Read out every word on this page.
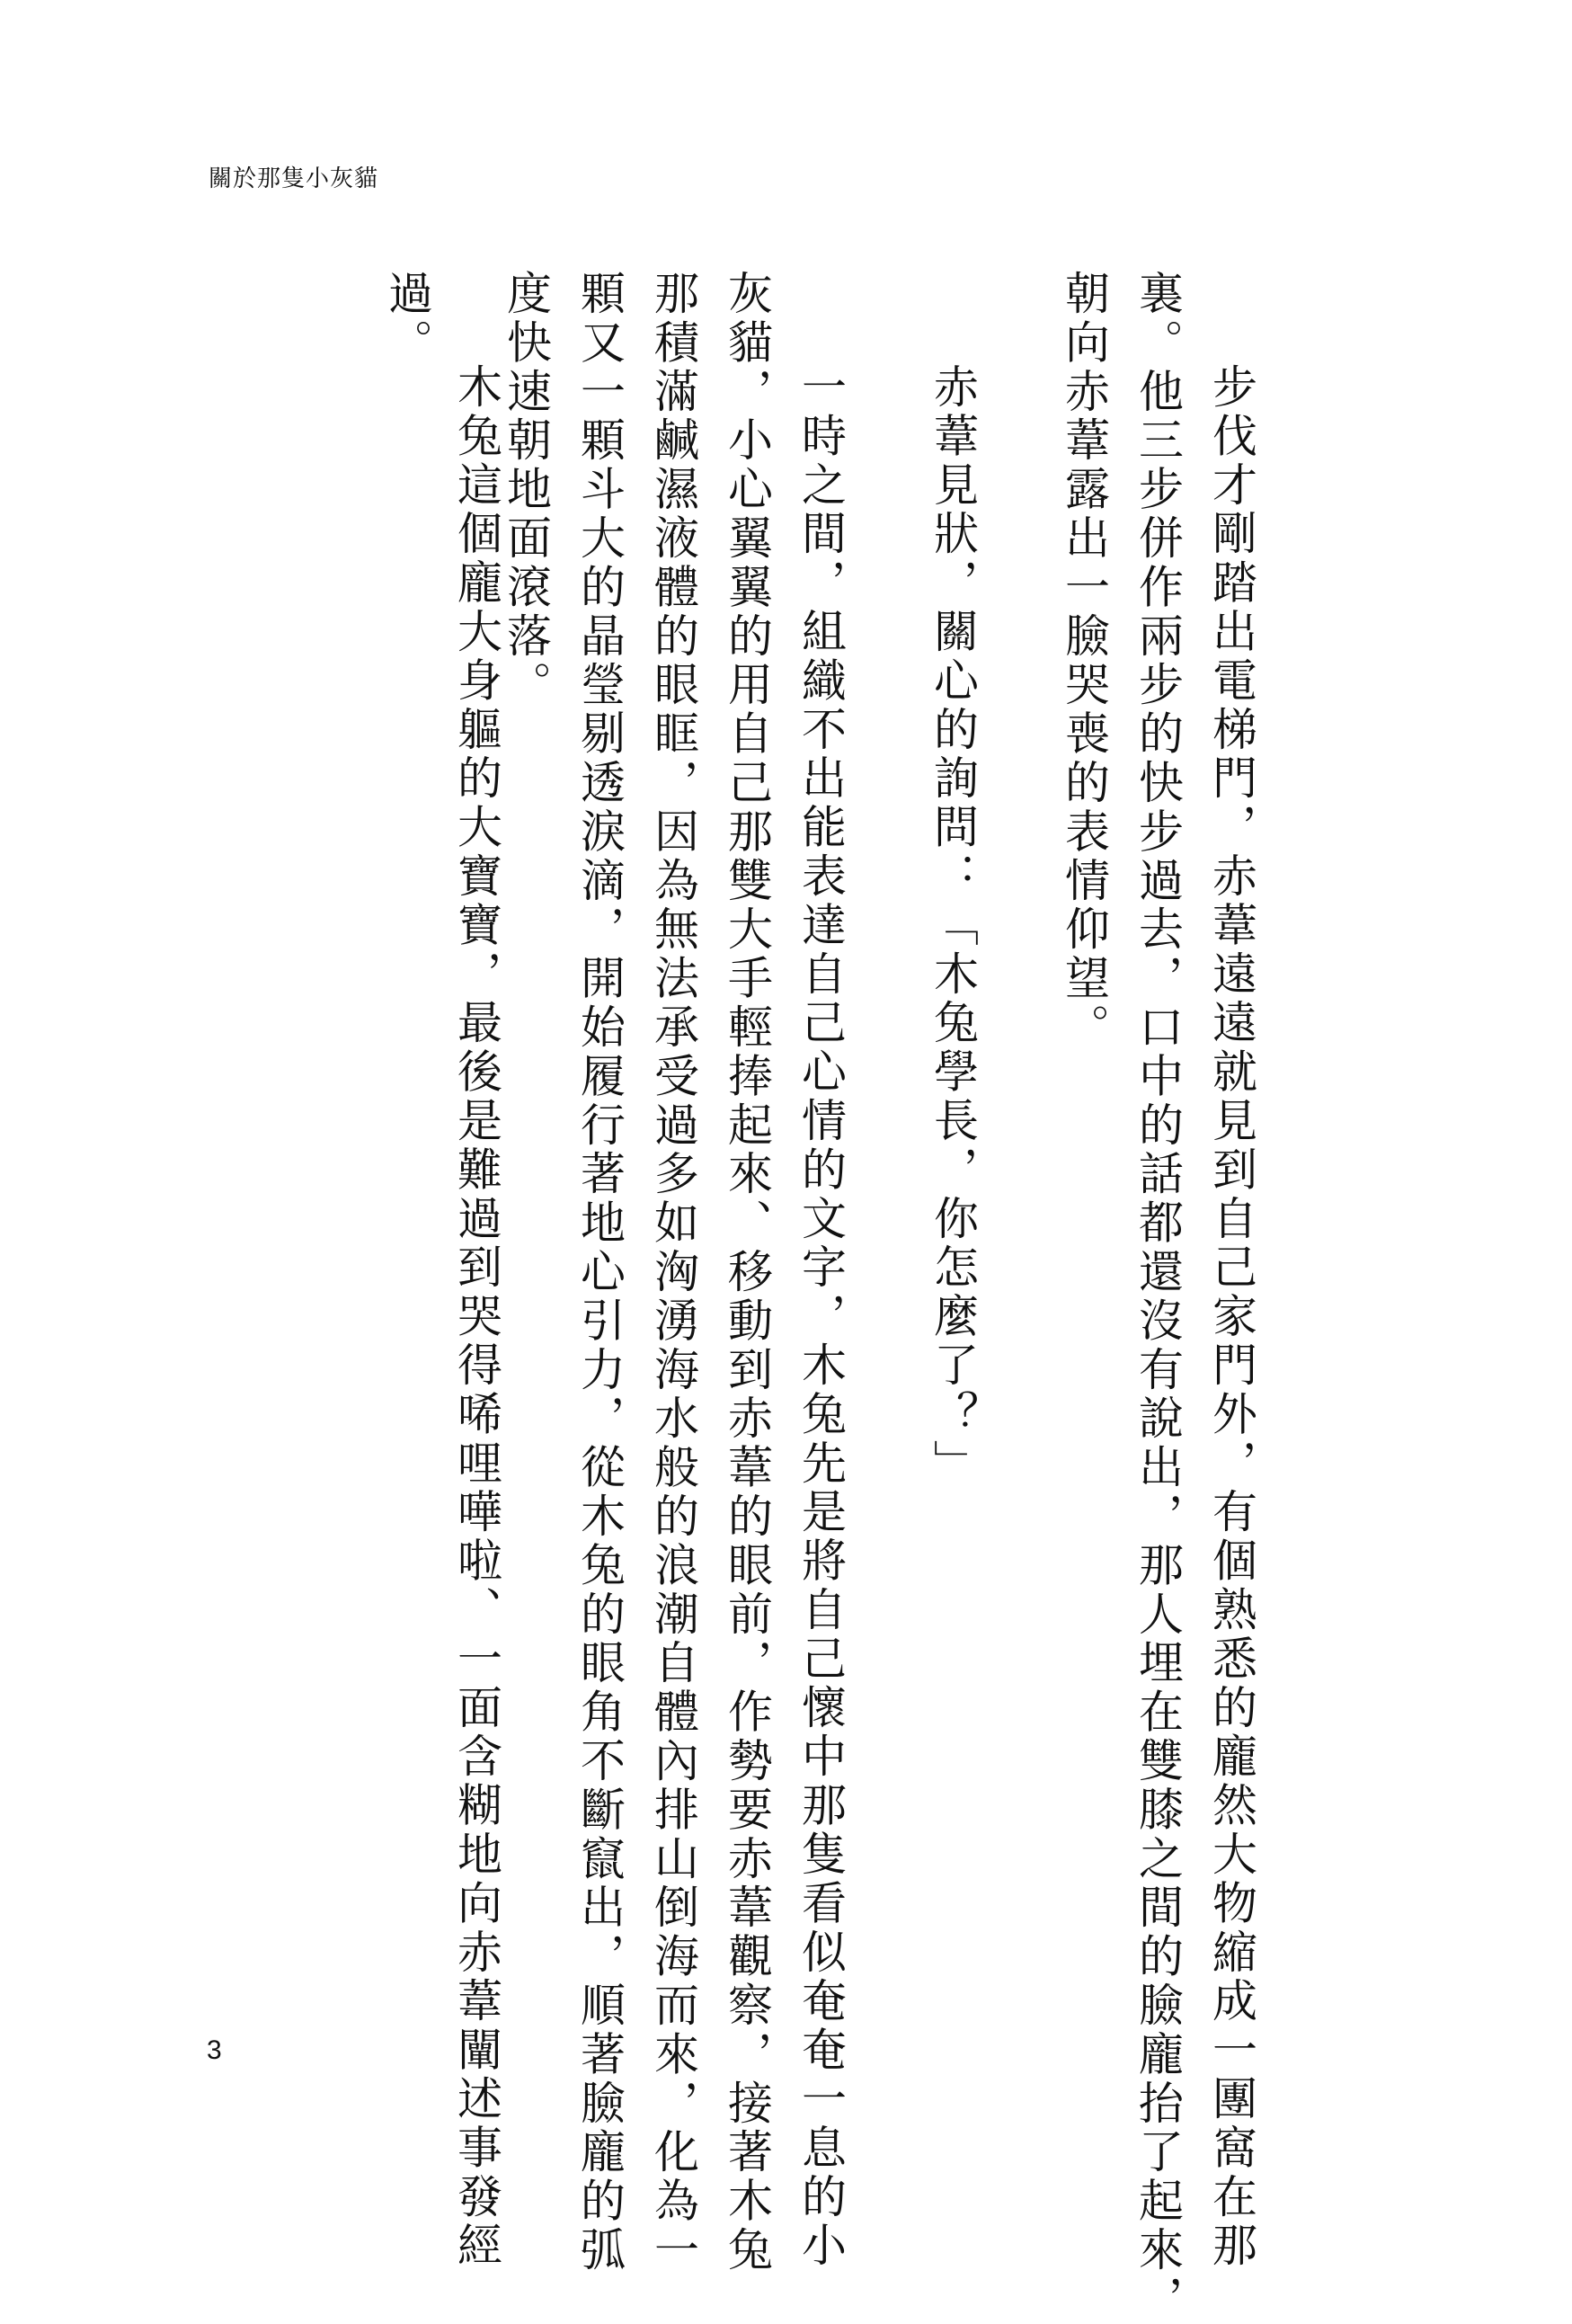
關於那隻小灰貓
步伐才剛踏出電梯門，赤葦遠遠就見到自己家門外，有個熟悉的龐然大物縮成一團窩在那
裏。他三步併作兩步的快步過去，口中的話都還沒有說出，那人埋在雙膝之間的臉龐抬了起來，
朝向赤葦露出一臉哭喪的表情仰望。
赤葦見狀，關心的詢問：「木兔學長，你怎麼了？」
一時之間，組織不出能表達自己心情的文字，木兔先是將自己懷中那隻看似奄奄一息的小
灰貓，小心翼翼的用自己那雙大手輕捧起來、移動到赤葦的眼前，作勢要赤葦觀察，接著木兔
那積滿鹹濕液體的眼眶，因為無法承受過多如洶湧海水般的浪潮自體內排山倒海而來，化為一
顆又一顆斗大的晶瑩剔透淚滴，開始履行著地心引力，從木兔的眼角不斷竄出，順著臉龐的弧
度快速朝地面滾落。
木兔這個龐大身軀的大寶寶，最後是難過到哭得唏哩嘩啦、一面含糊地向赤葦闡述事發經
過。
3
